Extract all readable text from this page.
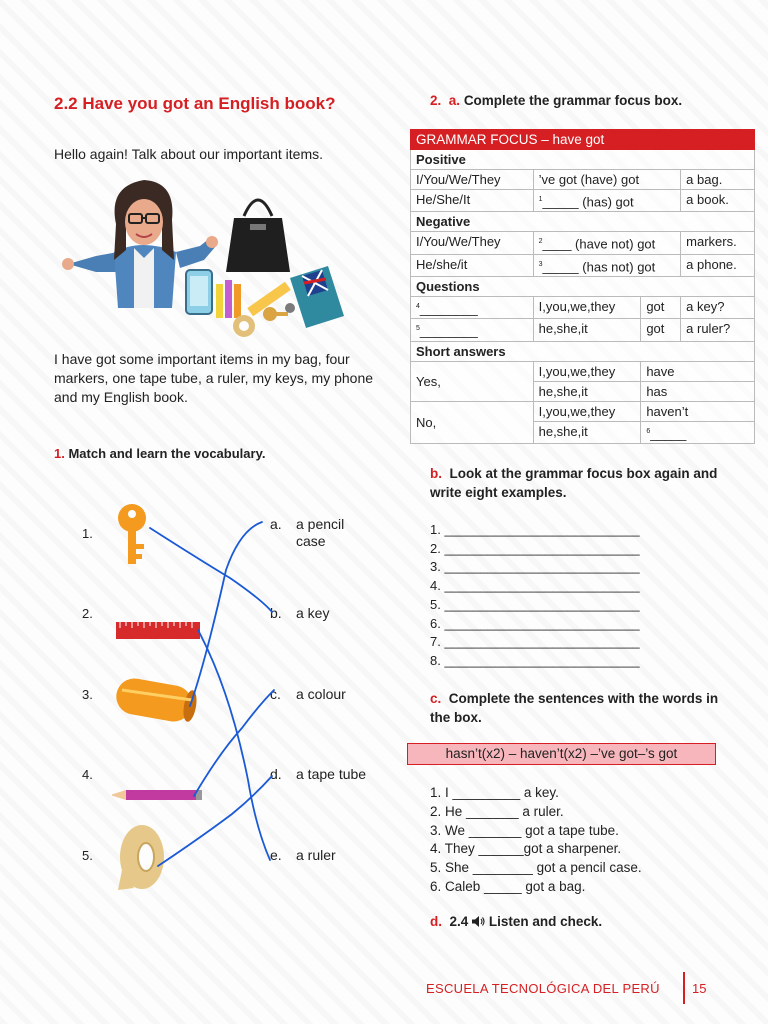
2.2 Have you got an English book?
Hello again! Talk about our important items.
I have got some important items in my bag, four markers, one tape tube, a ruler, my keys, my phone and my English book.
1. Match and learn the vocabulary.
1.
2.
3.
4.
5.
a. a pencil case
b. a key
c. a colour
d. a tape tube
e. a ruler
2. a. Complete the grammar focus box.
GRAMMAR FOCUS – have got			
Positive			
I/You/We/They	’ve got (have) got		a bag.
He/She/It	$^1$_____ (has) got		a book.
Negative			
I/You/We/They	$^2$____ (have not) got		markers.
He/she/it	$^3$_____ (has not) got		a phone.
Questions			
$^4$________	I,you,we,they	got	a key?
$^5$________	he,she,it	got	a ruler?
Short answers			
Yes,	I,you,we,they	have	
	he,she,it	has	
No,	I,you,we,they	haven’t	
	he,she,it	$^6$_____	
b. Look at the grammar focus box again and write eight examples.
1. ___________________________
2. ___________________________
3. ___________________________
4. ___________________________
5. ___________________________
6. ___________________________
7. ___________________________
8. ___________________________
c. Complete the sentences with the words in the box.
hasn’t(x2) – haven’t(x2) –’ve got–’s got
1. I _________ a key.
2. He _______ a ruler.
3. We _______ got a tape tube.
4. They ______got a sharpener.
5. She ________ got a pencil case.
6. Caleb _____ got a bag.
d. 2.4 Listen and check.
ESCUELA TECNOLÓGICA DEL PERÚ 15
